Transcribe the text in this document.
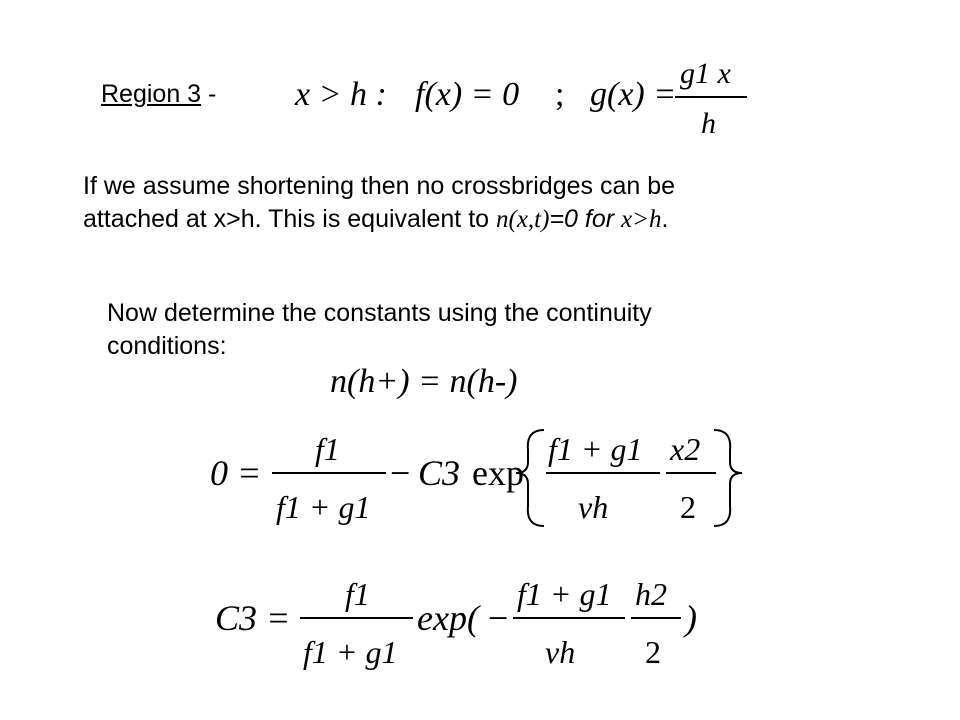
Region 3 - x > h : f(x) = 0 ; g(x) =
g1 x
h
If we assume shortening then no crossbridges can be
attached at x>h. This is equivalent to n(x,t)=0 for x>h.
Now determine the constants using the continuity
conditions:
n(h+) = n(h-)
0 =
f1
f1 + g1
− C3 exp
f1 + g1
vh
x2
2
C3 =
f1
f1 + g1
exp( −
f1 + g1
vh
h2
2
)
